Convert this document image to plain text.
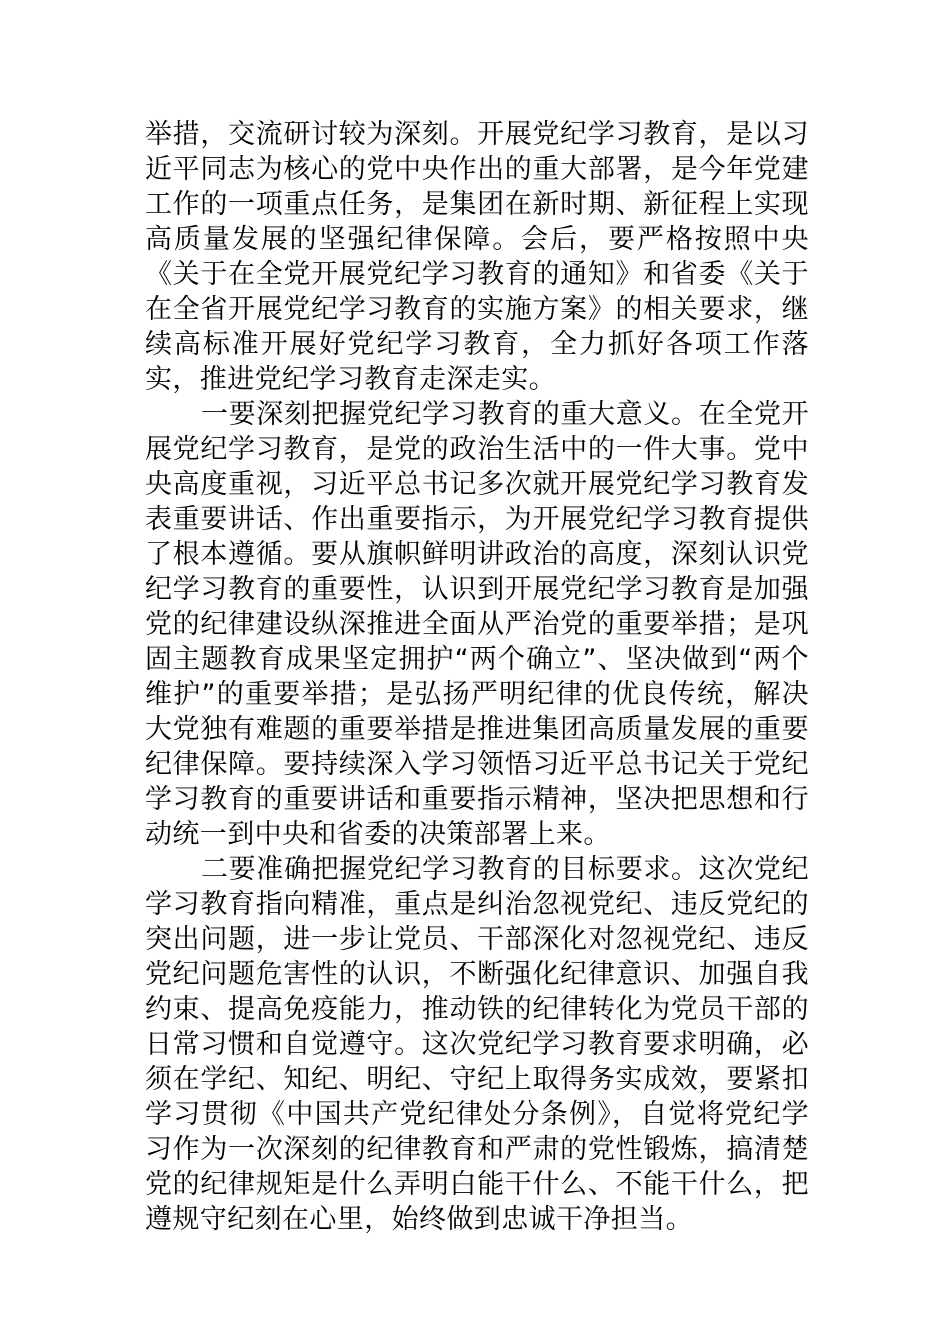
举措，交流研讨较为深刻。开展党纪学习教育，是以习近平同志为核心的党中央作出的重大部署，是今年党建工作的一项重点任务，是集团在新时期、新征程上实现高质量发展的坚强纪律保障。会后，要严格按照中央《关于在全党开展党纪学习教育的通知》和省委《关于在全省开展党纪学习教育的实施方案》的相关要求，继续高标准开展好党纪学习教育，全力抓好各项工作落实，推进党纪学习教育走深走实。

一要深刻把握党纪学习教育的重大意义。在全党开展党纪学习教育，是党的政治生活中的一件大事。党中央高度重视，习近平总书记多次就开展党纪学习教育发表重要讲话、作出重要指示，为开展党纪学习教育提供了根本遵循。要从旗帜鲜明讲政治的高度，深刻认识党纪学习教育的重要性，认识到开展党纪学习教育是加强党的纪律建设纵深推进全面从严治党的重要举措；是巩固主题教育成果坚定拥护“两个确立”、坚决做到“两个维护”的重要举措；是弘扬严明纪律的优良传统，解决大党独有难题的重要举措是推进集团高质量发展的重要纪律保障。要持续深入学习领悟习近平总书记关于党纪学习教育的重要讲话和重要指示精神，坚决把思想和行动统一到中央和省委的决策部署上来。

二要准确把握党纪学习教育的目标要求。这次党纪学习教育指向精准，重点是纠治忽视党纪、违反党纪的突出问题，进一步让党员、干部深化对忽视党纪、违反党纪问题危害性的认识，不断强化纪律意识、加强自我约束、提高免疫能力，推动铁的纪律转化为党员干部的日常习惯和自觉遵守。这次党纪学习教育要求明确，必须在学纪、知纪、明纪、守纪上取得务实成效，要紧扣学习贯彻《中国共产党纪律处分条例》，自觉将党纪学习作为一次深刻的纪律教育和严肃的党性锻炼，搞清楚党的纪律规矩是什么弄明白能干什么、不能干什么，把遵规守纪刻在心里，始终做到忠诚干净担当。
